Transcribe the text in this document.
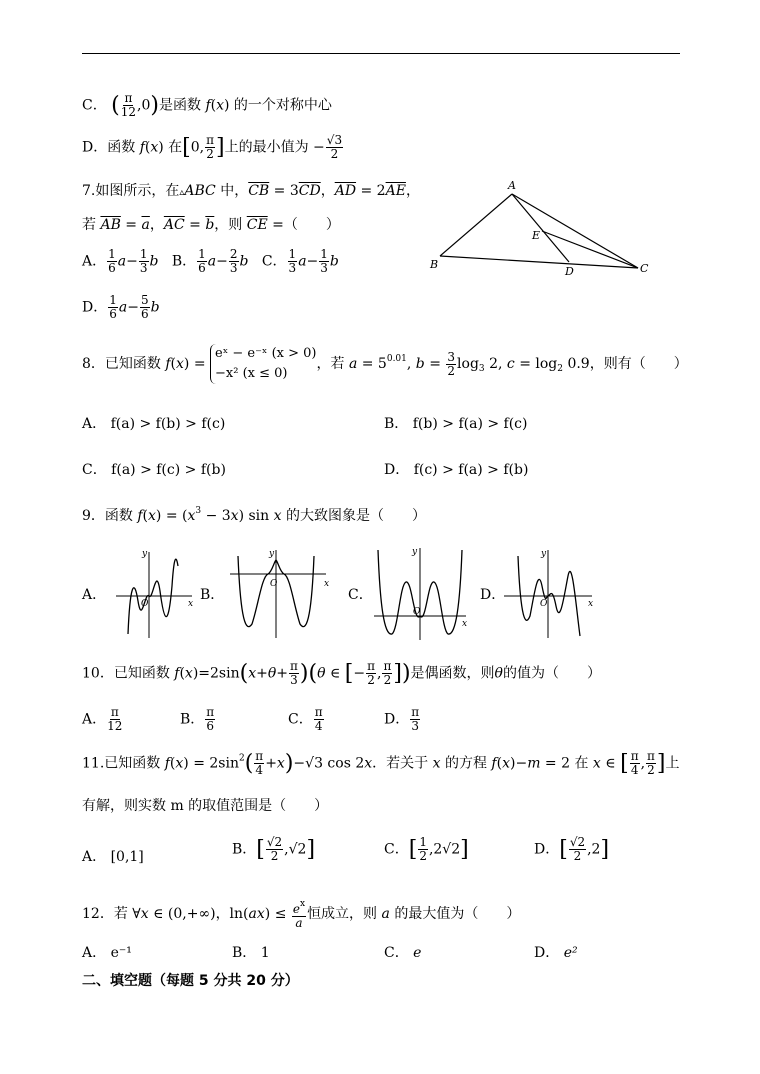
C． ( $\frac{\pi}{12} ,0$)是函数 f(x) 的一个对称中心
D．函数 f(x) 在[0, $\frac{\pi}{2}$ ]上的最小值为 − $\frac{√3}{2}$
7.如图所示，在▵ABC 中，$\overline{CB} = 3\overline{CD}$，$\overline{AD} = 2\overline{AE}$，
若 $\overline{AB} = \overline{a}$，$\overline{AC} = \overline{b}$，则 $\overline{CE}$ =（　　）
A． $\frac{1}{6} a- \frac{1}{3}$ b B． $\frac{1}{6} a- \frac{2}{3}$ b C． $\frac{1}{3} a- \frac{1}{3}$ b
D． $\frac{1}{6} a- \frac{5}{6}$ b
A
B	C
D
E
8．已知函数 f(x) = eˣ − e⁻ˣ (x > 0)
−x² (x ≤ 0)，若 $a = 5^{0.01}$, $b = \frac{3}{2} \log_3 2$, $c = \log_2 0.9$，则有（　　）
A． f(a) > f(b) > f(c)	B． f(b) > f(a) > f(c)
C． f(a) > f(c) > f(b)	D． f(c) > f(a) > f(b)
9．函数 $f(x) = (x^3 - 3x)$ sin x 的大致图象是（　　）
A．
y
x
O
B．
y
x
O
C．
y
x
O
D．
y
x
O
10．已知函数 $f(x)=2\sin(x+\theta+ \frac{\pi}{3} )(\theta$ ∈ [− $\frac{\pi}{2}$ , $\frac{\pi}{2}$ ])是偶函数，则θ的值为（　　）
A． $\frac{\pi}{12}$	B． $\frac{\pi}{6}$	C． $\frac{\pi}{4}$	D． $\frac{\pi}{3}$
11.已知函数 $f(x) = 2\sin^2( \frac{\pi}{4} +x)-√3$ cos 2x．若关于 x 的方程 f(x)−m = 2 在 x ∈ [ $\frac{\pi}{4}$ , $\frac{\pi}{2}$ ]上
有解，则实数 m 的取值范围是（　　）
A． [0,1]	B．[ $\frac{√2}{2} ,√2$]	C．[ $\frac{1}{2} ,2√2$]	D．[ $\frac{√2}{2} ,2$]
12．若 ∀x ∈ (0,+∞)，$\ln(ax) \le \frac{e^x}{a}$ 恒成立，则 a 的最大值为（　　）
A． e⁻¹	B． 1	C． e	D． e²
二、填空题（每题 5 分共 20 分）
